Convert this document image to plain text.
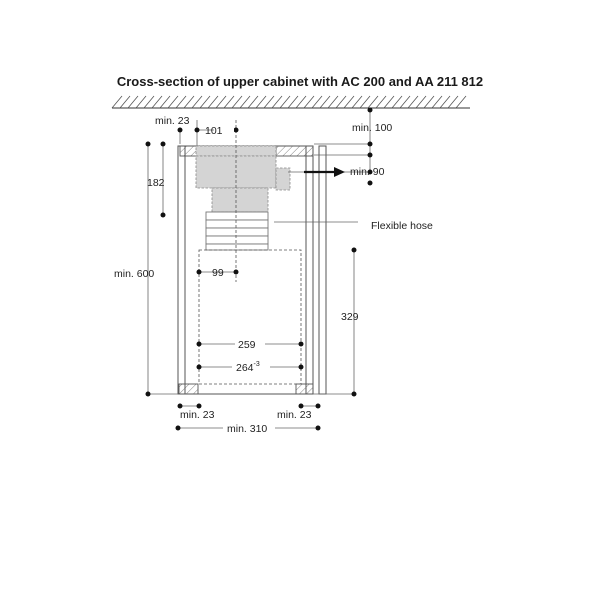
Cross-section of upper cabinet with AC 200 and AA 211 812
min. 23
101	min. 100
min. 90
182
Flexible hose
min. 600	99
329
259
$264^{-3}$
min. 23	min. 23
min. 310
